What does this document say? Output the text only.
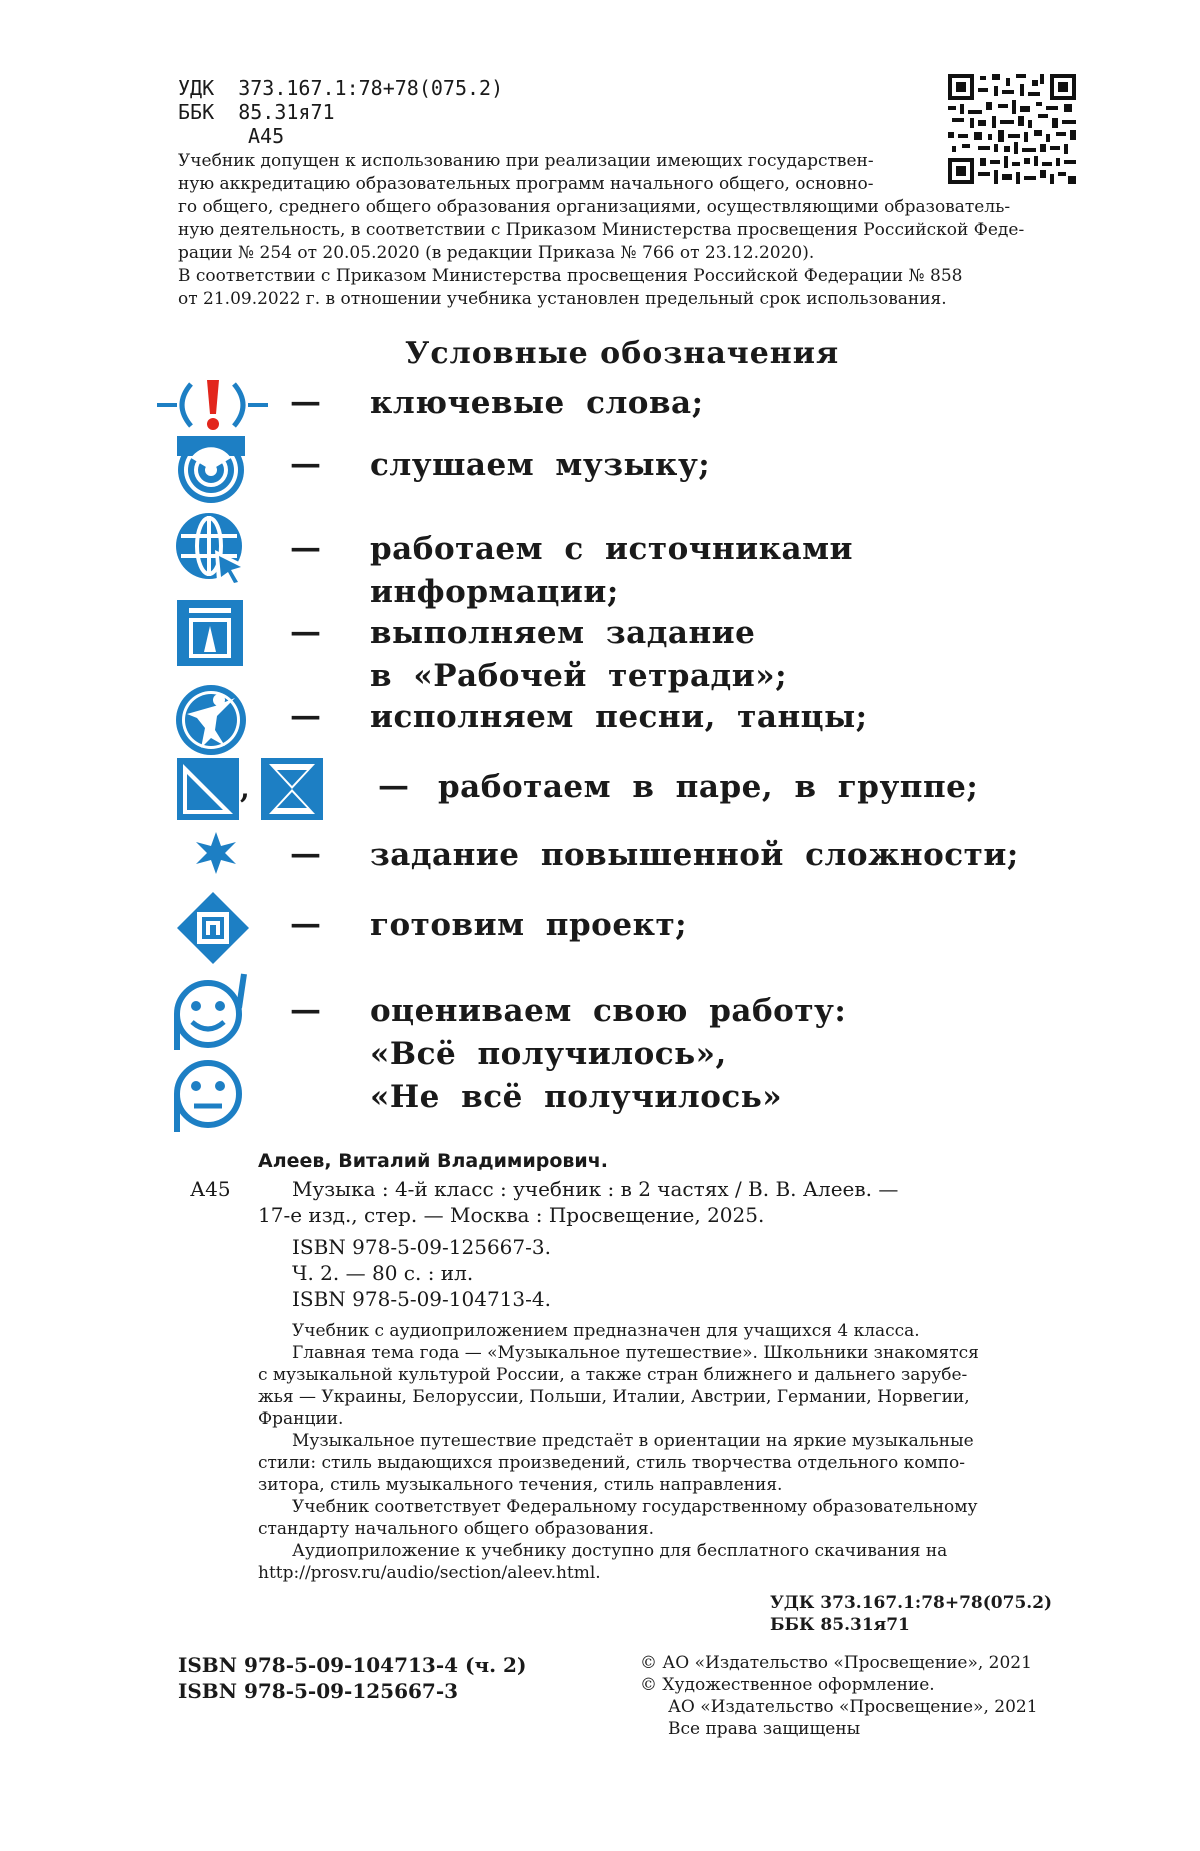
УДК 373.167.1:78+78(075.2)
ББК 85.31я71
А45
Учебник допущен к использованию при реализации имеющих государствен-
ную аккредитацию образовательных программ начального общего, основно-
го общего, среднего общего образования организациями, осуществляющими образователь-
ную деятельность, в соответствии с Приказом Министерства просвещения Российской Феде-
рации № 254 от 20.05.2020 (в редакции Приказа № 766 от 23.12.2020).
В соответствии с Приказом Министерства просвещения Российской Федерации № 858
от 21.09.2022 г. в отношении учебника установлен предельный срок использования.
Условные обозначения
,
— ключевые слова;
— слушаем музыку;
— работаем с источниками
информации;
— выполняем задание
в «Рабочей тетради»;
— исполняем песни, танцы;
— работаем в паре, в группе;
— задание повышенной сложности;
— готовим проект;
— оцениваем свою работу:
«Всё получилось»,
«Не всё получилось»
Алеев, Виталий Владимирович.
А45	Музыка : 4-й класс : учебник : в 2 частях / В. В. Алеев. —
17-е изд., стер. — Москва : Просвещение, 2025.
ISBN 978-5-09-125667-3.
Ч. 2. — 80 с. : ил.
ISBN 978-5-09-104713-4.
Учебник с аудиоприложением предназначен для учащихся 4 класса.
Главная тема года — «Музыкальное путешествие». Школьники знакомятся
с музыкальной культурой России, а также стран ближнего и дальнего зарубе-
жья — Украины, Белоруссии, Польши, Италии, Австрии, Германии, Норвегии,
Франции.
Музыкальное путешествие предстаёт в ориентации на яркие музыкальные
стили: стиль выдающихся произведений, стиль творчества отдельного компо-
зитора, стиль музыкального течения, стиль направления.
Учебник соответствует Федеральному государственному образовательному
стандарту начального общего образования.
Аудиоприложение к учебнику доступно для бесплатного скачивания на
http://prosv.ru/audio/section/aleev.html.
УДК 373.167.1:78+78(075.2)
ББК 85.31я71
ISBN 978-5-09-104713-4 (ч. 2)
ISBN 978-5-09-125667-3
© АО «Издательство «Просвещение», 2021
© Художественное оформление.
АО «Издательство «Просвещение», 2021
Все права защищены
